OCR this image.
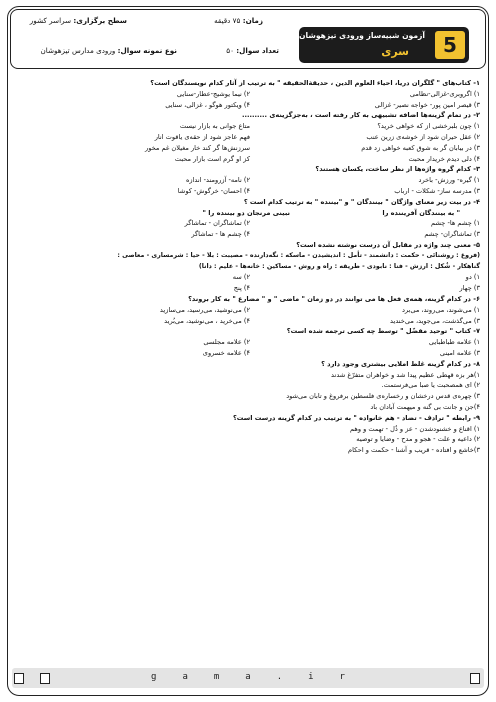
آزمون شبیه‌ساز ورودی تیزهوشان
سری	5
زمان: ۷۵ دقیقه
سطح برگزاری: سراسر کشور
تعداد سوال: ۵۰
نوع نمونه سوال: ورودی مدارس تیزهوشان
۱- کتاب‌های " گلگران دریا، احیاء العلوم الدین ، حدیقة‌الحقیقه " به ترتیب از آثار کدام نویسندگان است؟
۱) اگروبری-غزالی-نظامی
۲) نیما یوشیج-عطار-سنایی
۳) قیصر امین پور- خواجه نصیر- غزالی
۴) ویکتور هوگو ، غزالی، سنایی
۲- در تمام گزینه‌ها اضافه تشبیهی به کار رفته است ، به‌جزگزینه‌ی ..........
۱) چون بلبرخشی از که خواهی خرید؟
متاع جوانی به بازار نیست
۲) عقل حیران شود از خوشه‌ی زرین عنب
فهم عاجز شود از حقه‌ی یاقوت انار
۳) در بیابان گر به شوق کعبه خواهی زد قدم
سرزنش‌ها گر کند خار مغیلان غم مخور
۴) دلی دیدم خریدار محبت
کز او گرم است بازار محبت
۳- کدام گروه واژه‌ها از نظر ساخت، یکسان هستند؟
۱) گیره- ورزش- باخرد
۲) نامه- آزرومند- اندازه
۳) مدرسه ساز- شکلات - ارباب
۴) احسان- خرگوش- کوشا
۴- در بیت زیر معنای واژگان " بینندگان " و "بیننده " به ترتیب کدام است ؟
" به بینندگان آفریننده را
نبینی مرنجان دو بیننده را "
۱) چشم ها- چشم
۲) تماشاگران - تماشاگر
۳) تماشاگران- چشم
۴) چشم ها - تماشاگر
۵- معنی چند واژه در مقابل آن درست نوشته نشده است؟
(فروغ : روشنائی - حکمت : دانشمند - تأمل : اندیشیدن - ماسکه : نگه‌دارنده - مصیبت : بلا - حیا : شرمساری - معاصی :
گناهکار - شُکل : ارزش - فنا : نابودی - طریقه : راه و روش - مساکین : خانه‌ها - علیم : دانا)
۱) دو
۲) سه
۳) چهار
۴) پنج
۶- در کدام گزینه، همه‌ی فعل ها می توانند در دو زمان " ماضی " و " مضارع " به کار بروند؟
۱) می‌شوند، می‌روند، می‌برد
۲) می‌نوشید، می‌رسید، می‌سازید
۳) می‌گذشت، می‌جوید، می‌خندید
۴) می‌خرید ، می‌نوشید، می‌بُرید
۷- کتاب " توحید مفضّل " توسط چه کسی ترجمه شده است؟
۱) علامه طباطبایی
۲) علامه مجلسی
۳) علامه امینی
۴) علامه خسروی
۸- در کدام گزینه غلط املایی بیشتری وجود دارد ؟
۱)هر بزه قهطی عظیم پیدا شد و خواهران متفرّغ شدند
۲) ای همصحبت یا صبا می‌فرستمت.
۳) چهره‌ی قدس درخشان و رخساره‌ی فلسطین برفروغ و تابان می‌شود
۴)جن و جانت بی گنه و میهمت آبادان باد
۹- رابطه " ترادف - تضاد - هم خانواده " به ترتیب در کدام گزینه درست است؟
۱) اقناع و خشنودشدن - عز و ذُل - تهمت و وهم
۲) داعیه و علت - هجو و مدح - وضایا و توصیه
۳)خاشع و افتاده - قریب و آشنا - حکمت و احکام
gama.ir
